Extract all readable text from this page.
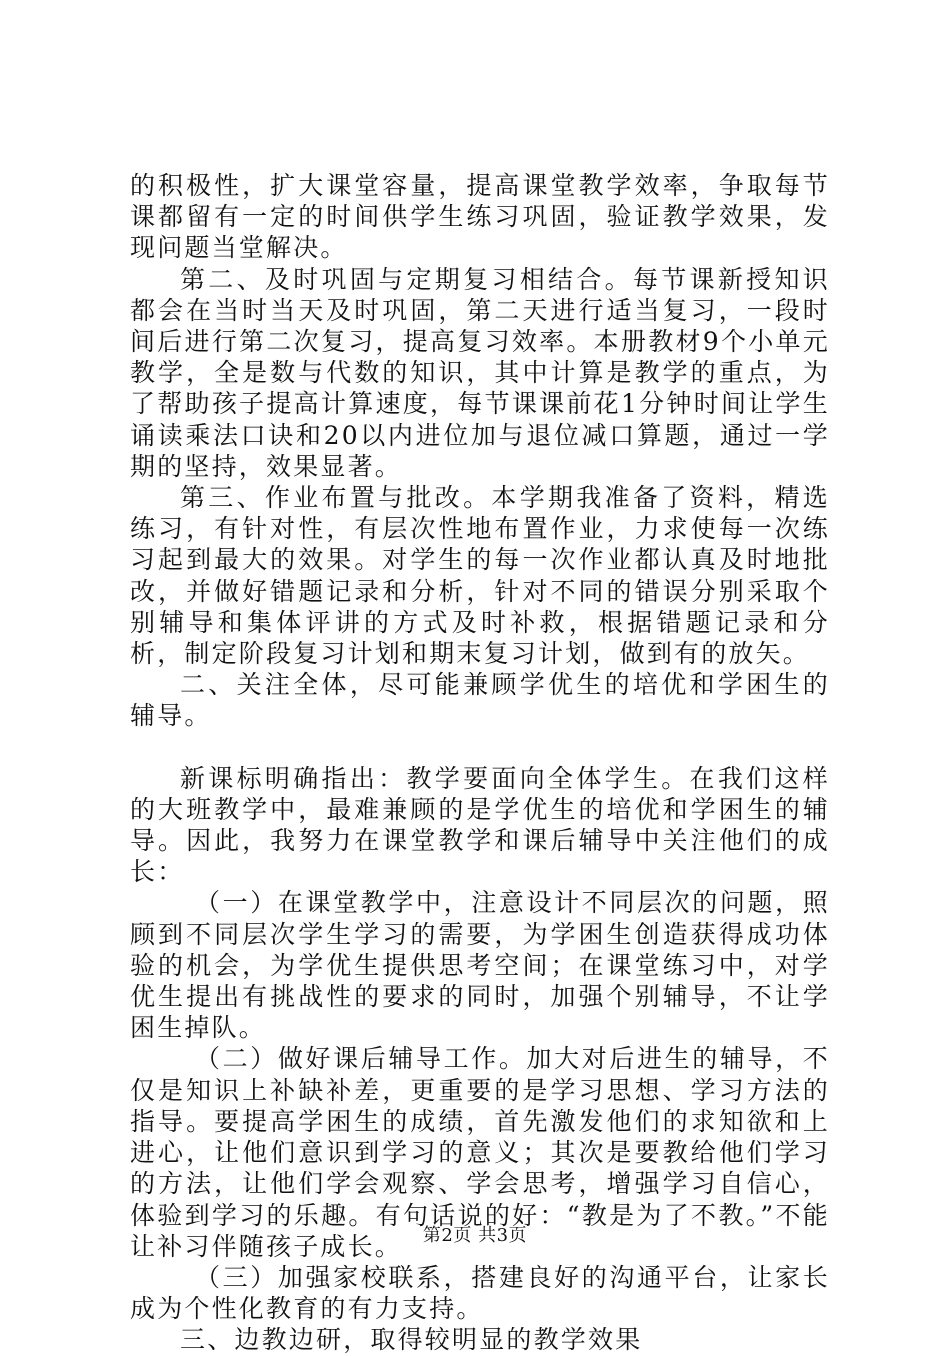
的积极性，扩大课堂容量，提高课堂教学效率，争取每节课都留有一定的时间供学生练习巩固，验证教学效果，发现问题当堂解决。

第二、及时巩固与定期复习相结合。每节课新授知识都会在当时当天及时巩固，第二天进行适当复习，一段时间后进行第二次复习，提高复习效率。本册教材9个小单元教学，全是数与代数的知识，其中计算是教学的重点，为了帮助孩子提高计算速度，每节课课前花1分钟时间让学生诵读乘法口诀和20以内进位加与退位减口算题，通过一学期的坚持，效果显著。

第三、作业布置与批改。本学期我准备了资料，精选练习，有针对性，有层次性地布置作业，力求使每一次练习起到最大的效果。对学生的每一次作业都认真及时地批改，并做好错题记录和分析，针对不同的错误分别采取个别辅导和集体评讲的方式及时补救，根据错题记录和分析，制定阶段复习计划和期末复习计划，做到有的放矢。

二、关注全体，尽可能兼顾学优生的培优和学困生的辅导。

新课标明确指出：教学要面向全体学生。在我们这样的大班教学中，最难兼顾的是学优生的培优和学困生的辅导。因此，我努力在课堂教学和课后辅导中关注他们的成长：

（一）在课堂教学中，注意设计不同层次的问题，照顾到不同层次学生学习的需要，为学困生创造获得成功体验的机会，为学优生提供思考空间；在课堂练习中，对学优生提出有挑战性的要求的同时，加强个别辅导，不让学困生掉队。

（二）做好课后辅导工作。加大对后进生的辅导，不仅是知识上补缺补差，更重要的是学习思想、学习方法的指导。要提高学困生的成绩，首先激发他们的求知欲和上进心，让他们意识到学习的意义；其次是要教给他们学习的方法，让他们学会观察、学会思考，增强学习自信心，体验到学习的乐趣。有句话说的好：“教是为了不教。”不能让补习伴随孩子成长。

（三）加强家校联系，搭建良好的沟通平台，让家长成为个性化教育的有力支持。

三、边教边研，取得较明显的教学效果

第2页 共3页
